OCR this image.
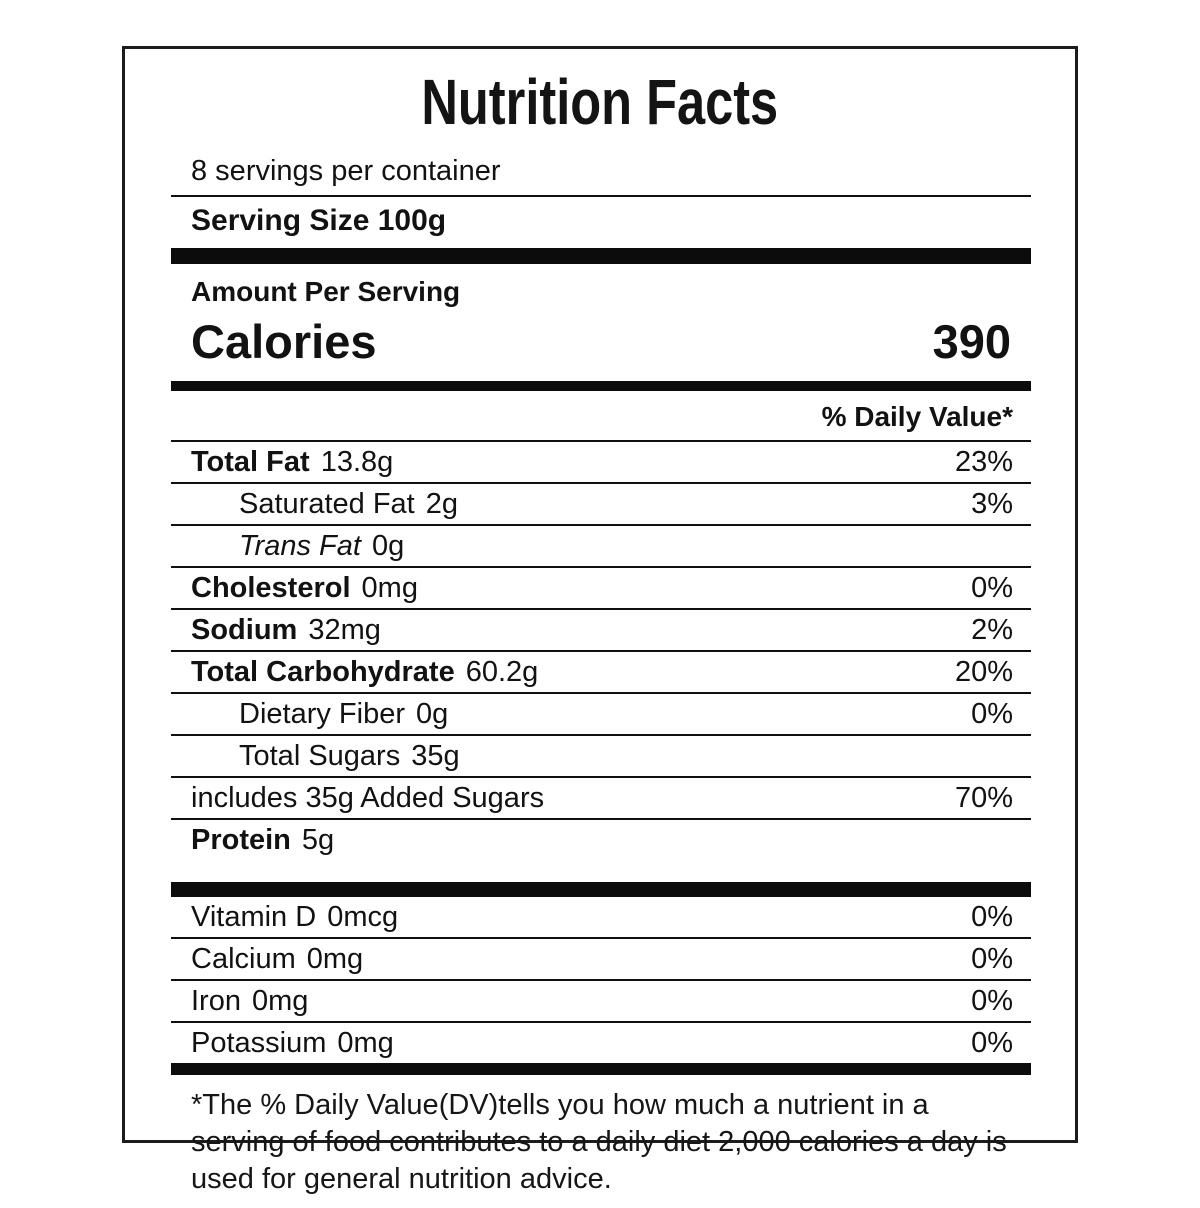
Nutrition Facts
8 servings per container
Serving Size 100g
Amount Per Serving
Calories	390
% Daily Value*
Total Fat 13.8g	23%
Saturated Fat 2g	3%
Trans Fat 0g
Cholesterol 0mg	0%
Sodium 32mg	2%
Total Carbohydrate 60.2g	20%
Dietary Fiber 0g	0%
Total Sugars 35g
includes 35g Added Sugars	70%
Protein 5g
Vitamin D 0mcg	0%
Calcium 0mg	0%
Iron 0mg	0%
Potassium 0mg	0%
*The % Daily Value(DV)tells you how much a nutrient in a serving of food contributes to a daily diet 2,000 calories a day is used for general nutrition advice.
